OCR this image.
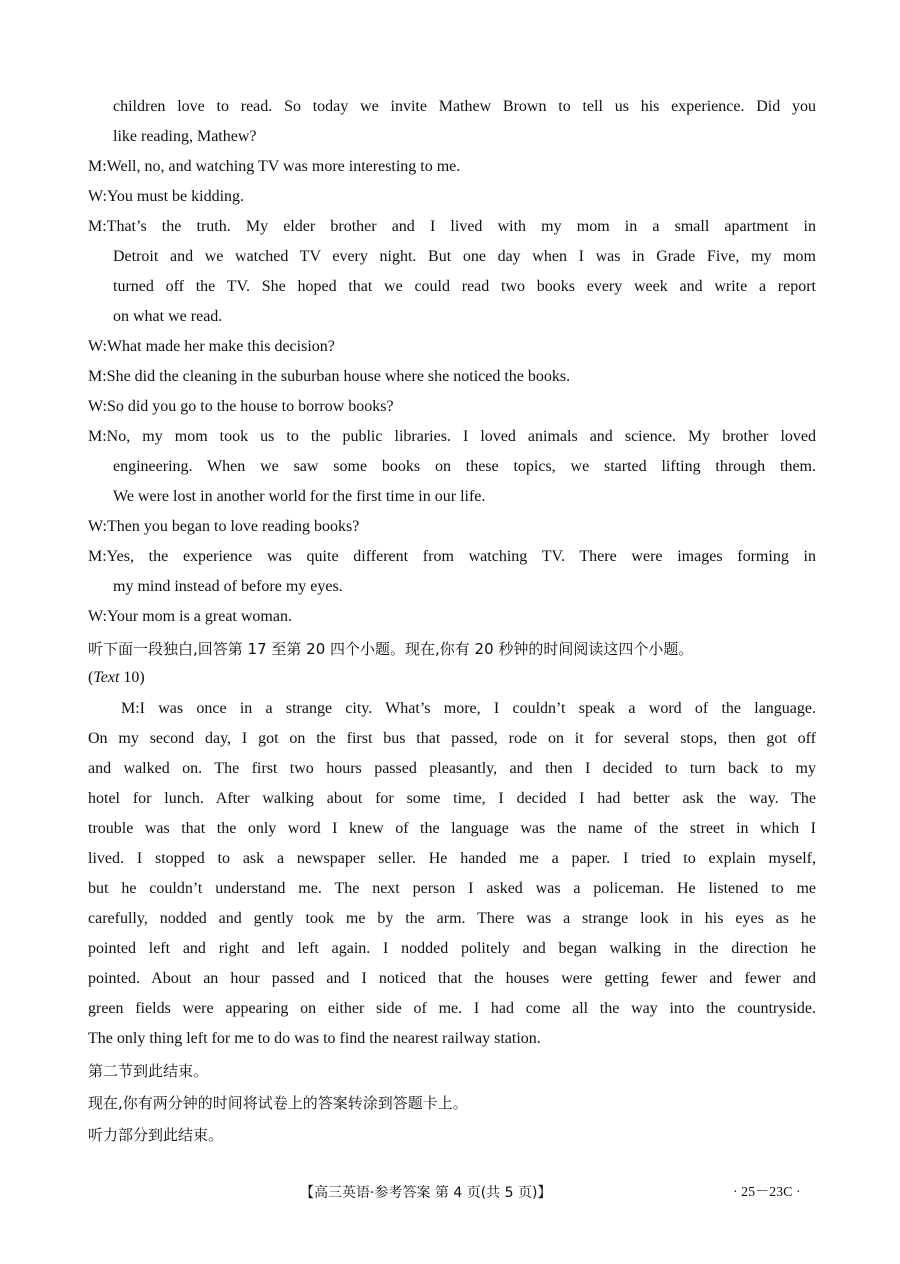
children love to read. So today we invite Mathew Brown to tell us his experience. Did you
like reading, Mathew?
M:Well, no, and watching TV was more interesting to me.
W:You must be kidding.
M:That’s the truth. My elder brother and I lived with my mom in a small apartment in
Detroit and we watched TV every night. But one day when I was in Grade Five, my mom
turned off the TV. She hoped that we could read two books every week and write a report
on what we read.
W:What made her make this decision?
M:She did the cleaning in the suburban house where she noticed the books.
W:So did you go to the house to borrow books?
M:No, my mom took us to the public libraries. I loved animals and science. My brother loved
engineering. When we saw some books on these topics, we started lifting through them.
We were lost in another world for the first time in our life.
W:Then you began to love reading books?
M:Yes, the experience was quite different from watching TV. There were images forming in
my mind instead of before my eyes.
W:Your mom is a great woman.
听下面一段独白,回答第 17 至第 20 四个小题。现在,你有 20 秒钟的时间阅读这四个小题。
(Text 10)
M:I was once in a strange city. What’s more, I couldn’t speak a word of the language.
On my second day, I got on the first bus that passed, rode on it for several stops, then got off
and walked on. The first two hours passed pleasantly, and then I decided to turn back to my
hotel for lunch. After walking about for some time, I decided I had better ask the way. The
trouble was that the only word I knew of the language was the name of the street in which I
lived. I stopped to ask a newspaper seller. He handed me a paper. I tried to explain myself,
but he couldn’t understand me. The next person I asked was a policeman. He listened to me
carefully, nodded and gently took me by the arm. There was a strange look in his eyes as he
pointed left and right and left again. I nodded politely and began walking in the direction he
pointed. About an hour passed and I noticed that the houses were getting fewer and fewer and
green fields were appearing on either side of me. I had come all the way into the countryside.
The only thing left for me to do was to find the nearest railway station.
第二节到此结束。
现在,你有两分钟的时间将试卷上的答案转涂到答题卡上。
听力部分到此结束。
【高三英语·参考答案 第 4 页(共 5 页)】	· 25－23C ·
